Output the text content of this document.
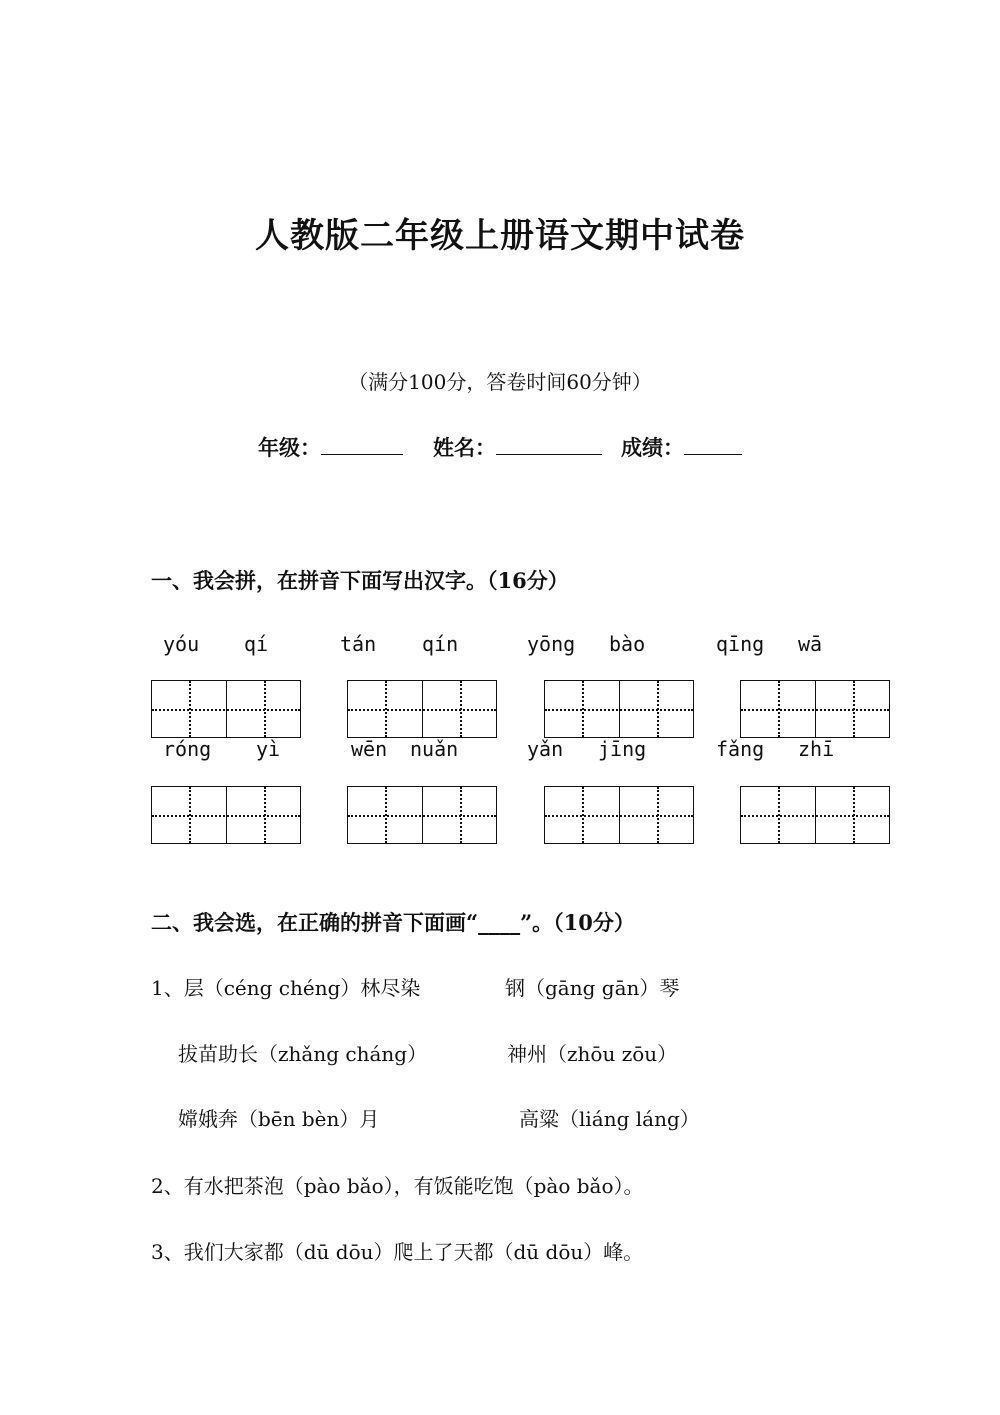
人教版二年级上册语文期中试卷
（满分100分，答卷时间60分钟）
年级：	姓名：	成绩：
一、我会拼，在拼音下面写出汉字。（16分）
yóu qí	tán qín	yōng bào	qīng wā
róng yì	wēn nuǎn	yǎn jīng	fǎng zhī
二、我会选，在正确的拼音下面画“____”。（10分）
1、层（céng chéng）林尽染	钢（gāng gān）琴
拔苗助长（zhǎng cháng）	神州（zhōu zōu）
嫦娥奔（bēn bèn）月	高粱（liáng láng）
2、有水把茶泡（pào bǎo），有饭能吃饱（pào bǎo）。
3、我们大家都（dū dōu）爬上了天都（dū dōu）峰。
